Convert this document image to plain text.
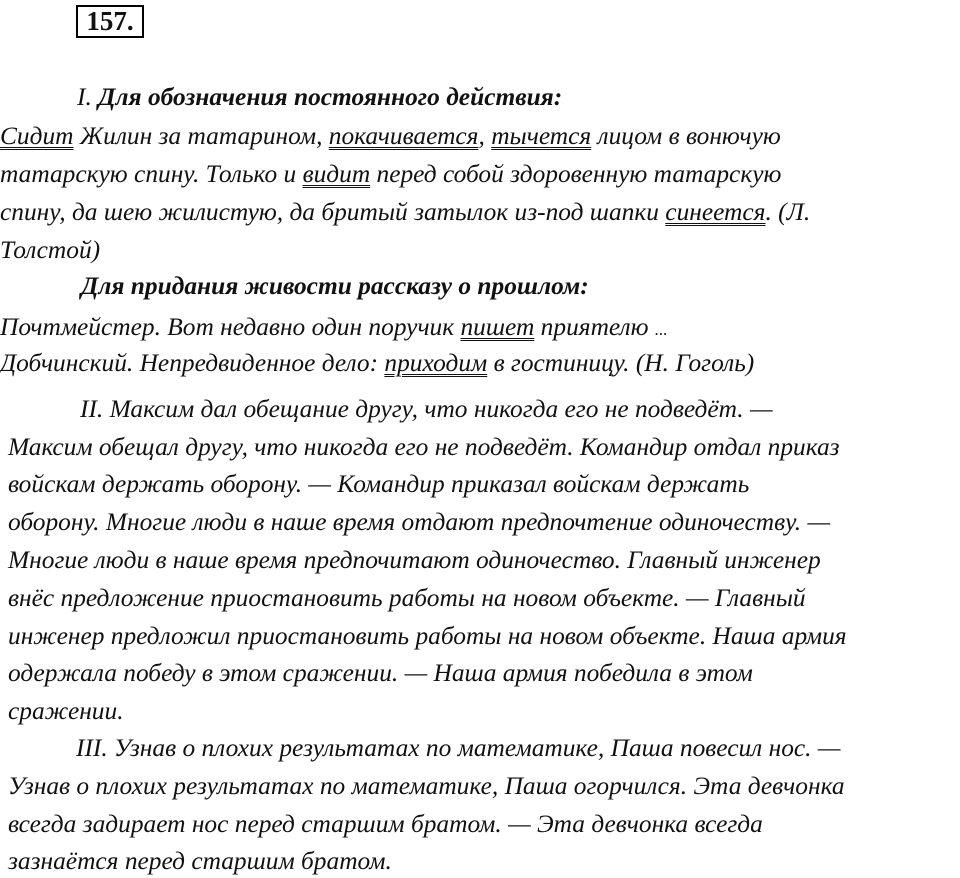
157.
I. Для обозначения постоянного действия:
Сидит Жилин за татарином, покачивается, тычется лицом в вонючую
татарскую спину. Только и видит перед собой здоровенную татарскую
спину, да шею жилистую, да бритый затылок из-под шапки синеется. (Л.
Толстой)
Для придания живости рассказу о прошлом:
Почтмейстер. Вот недавно один поручик пишет приятелю ...
Добчинский. Непредвиденное дело: приходим в гостиницу. (Н. Гоголь)
II. Максим дал обещание другу, что никогда его не подведёт. —
Максим обещал другу, что никогда его не подведёт. Командир отдал приказ
войскам держать оборону. — Командир приказал войскам держать
оборону. Многие люди в наше время отдают предпочтение одиночеству. —
Многие люди в наше время предпочитают одиночество. Главный инженер
внёс предложение приостановить работы на новом объекте. — Главный
инженер предложил приостановить работы на новом объекте. Наша армия
одержала победу в этом сражении. — Наша армия победила в этом
сражении.
III. Узнав о плохих результатах по математике, Паша повесил нос. —
Узнав о плохих результатах по математике, Паша огорчился. Эта девчонка
всегда задирает нос перед старшим братом. — Эта девчонка всегда
зазнаётся перед старшим братом.
